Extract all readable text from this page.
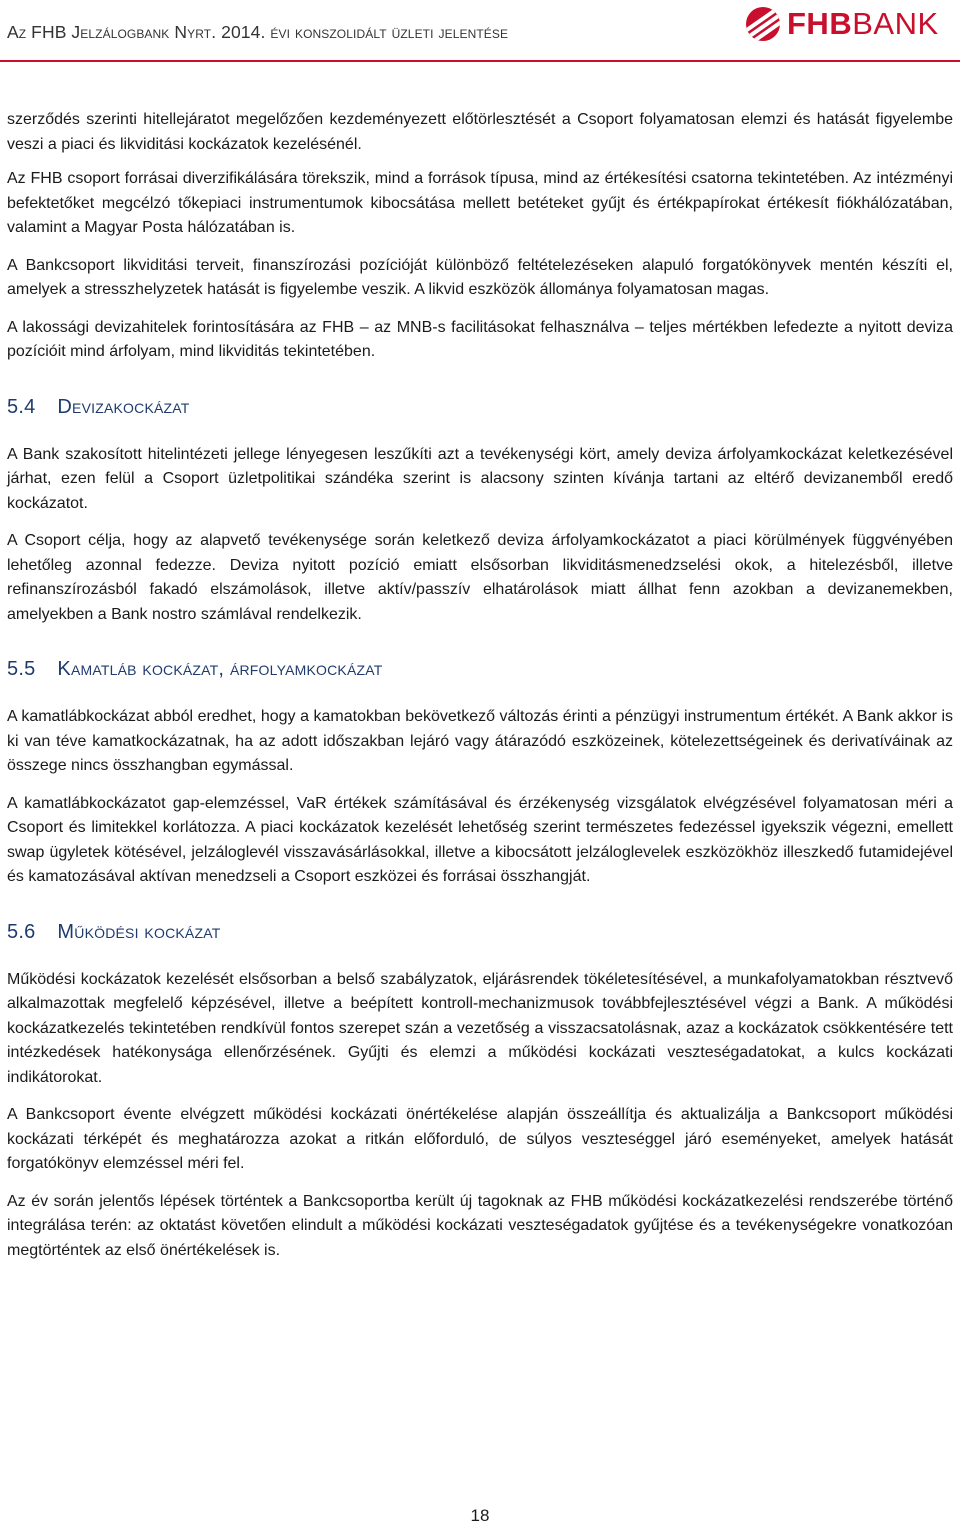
Az FHB Jelzálogbank Nyrt. 2014. évi konszolidált üzleti jelentése	FHBBANK

szerződés szerinti hitellejáratot megelőzően kezdeményezett előtörlesztését a Csoport folyamatosan elemzi és hatását figyelembe veszi a piaci és likviditási kockázatok kezelésénél.

Az FHB csoport forrásai diverzifikálására törekszik, mind a források típusa, mind az értékesítési csatorna tekintetében. Az intézményi befektetőket megcélzó tőkepiaci instrumentumok kibocsátása mellett betéteket gyűjt és értékpapírokat értékesít fiókhálózatában, valamint a Magyar Posta hálózatában is.

A Bankcsoport likviditási terveit, finanszírozási pozícióját különböző feltételezéseken alapuló forgatókönyvek mentén készíti el, amelyek a stresszhelyzetek hatását is figyelembe veszik. A likvid eszközök állománya folyamatosan magas.

A lakossági devizahitelek forintosítására az FHB – az MNB-s facilitásokat felhasználva – teljes mértékben lefedezte a nyitott deviza pozícióit mind árfolyam, mind likviditás tekintetében.

5.4 Devizakockázat

A Bank szakosított hitelintézeti jellege lényegesen leszűkíti azt a tevékenységi kört, amely deviza árfolyamkockázat keletkezésével járhat, ezen felül a Csoport üzletpolitikai szándéka szerint is alacsony szinten kívánja tartani az eltérő devizanemből eredő kockázatot.

A Csoport célja, hogy az alapvető tevékenysége során keletkező deviza árfolyamkockázatot a piaci körülmények függvényében lehetőleg azonnal fedezze. Deviza nyitott pozíció emiatt elsősorban likviditásmenedzselési okok, a hitelezésből, illetve refinanszírozásból fakadó elszámolások, illetve aktív/passzív elhatárolások miatt állhat fenn azokban a devizanemekben, amelyekben a Bank nostro számlával rendelkezik.

5.5 Kamatláb kockázat, árfolyamkockázat

A kamatlábkockázat abból eredhet, hogy a kamatokban bekövetkező változás érinti a pénzügyi instrumentum értékét. A Bank akkor is ki van téve kamatkockázatnak, ha az adott időszakban lejáró vagy átárazódó eszközeinek, kötelezettségeinek és derivatíváinak az összege nincs összhangban egymással.

A kamatlábkockázatot gap-elemzéssel, VaR értékek számításával és érzékenység vizsgálatok elvégzésével folyamatosan méri a Csoport és limitekkel korlátozza. A piaci kockázatok kezelését lehetőség szerint természetes fedezéssel igyekszik végezni, emellett swap ügyletek kötésével, jelzáloglevél visszavásárlásokkal, illetve a kibocsátott jelzáloglevelek eszközökhöz illeszkedő futamidejével és kamatozásával aktívan menedzseli a Csoport eszközei és forrásai összhangját.

5.6 Működési kockázat

Működési kockázatok kezelését elsősorban a belső szabályzatok, eljárásrendek tökéletesítésével, a munkafolyamatokban résztvevő alkalmazottak megfelelő képzésével, illetve a beépített kontroll-mechanizmusok továbbfejlesztésével végzi a Bank. A működési kockázatkezelés tekintetében rendkívül fontos szerepet szán a vezetőség a visszacsatolásnak, azaz a kockázatok csökkentésére tett intézkedések hatékonysága ellenőrzésének. Gyűjti és elemzi a működési kockázati veszteségadatokat, a kulcs kockázati indikátorokat.

A Bankcsoport évente elvégzett működési kockázati önértékelése alapján összeállítja és aktualizálja a Bankcsoport működési kockázati térképét és meghatározza azokat a ritkán előforduló, de súlyos veszteséggel járó eseményeket, amelyek hatását forgatókönyv elemzéssel méri fel.

Az év során jelentős lépések történtek a Bankcsoportba került új tagoknak az FHB működési kockázatkezelési rendszerébe történő integrálása terén: az oktatást követően elindult a működési kockázati veszteségadatok gyűjtése és a tevékenységekre vonatkozóan megtörténtek az első önértékelések is.

18
